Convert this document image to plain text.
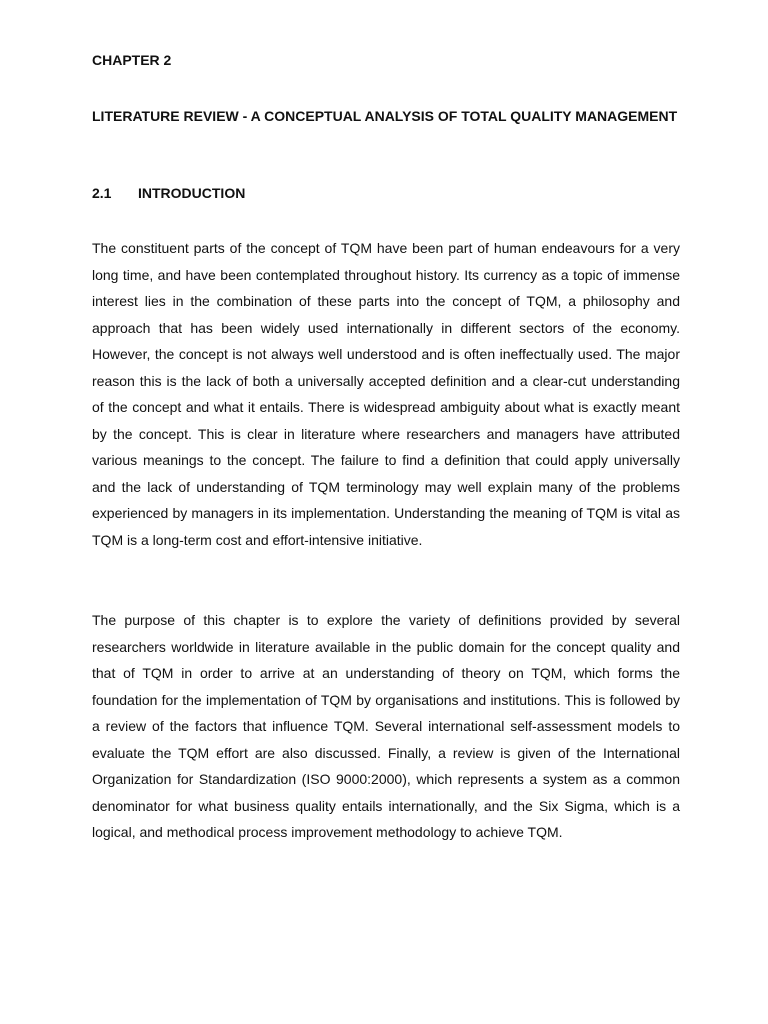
CHAPTER 2

LITERATURE REVIEW - A CONCEPTUAL ANALYSIS OF TOTAL QUALITY MANAGEMENT

2.1 INTRODUCTION

The constituent parts of the concept of TQM have been part of human endeavours for a very long time, and have been contemplated throughout history. Its currency as a topic of immense interest lies in the combination of these parts into the concept of TQM, a philosophy and approach that has been widely used internationally in different sectors of the economy. However, the concept is not always well understood and is often ineffectually used. The major reason this is the lack of both a universally accepted definition and a clear-cut understanding of the concept and what it entails. There is widespread ambiguity about what is exactly meant by the concept. This is clear in literature where researchers and managers have attributed various meanings to the concept. The failure to find a definition that could apply universally and the lack of understanding of TQM terminology may well explain many of the problems experienced by managers in its implementation. Understanding the meaning of TQM is vital as TQM is a long-term cost and effort-intensive initiative.

The purpose of this chapter is to explore the variety of definitions provided by several researchers worldwide in literature available in the public domain for the concept quality and that of TQM in order to arrive at an understanding of theory on TQM, which forms the foundation for the implementation of TQM by organisations and institutions. This is followed by a review of the factors that influence TQM. Several international self-assessment models to evaluate the TQM effort are also discussed. Finally, a review is given of the International Organization for Standardization (ISO 9000:2000), which represents a system as a common denominator for what business quality entails internationally, and the Six Sigma, which is a logical, and methodical process improvement methodology to achieve TQM.
